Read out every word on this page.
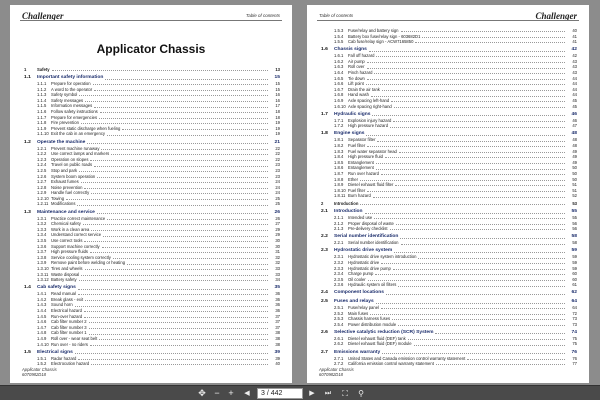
Challenger	Table of contents
Applicator Chassis
1	Safety	13
1.1	Important safety information	15
1.1.1	Prepare for operation	15
1.1.2	A word to the operator	15
1.1.3	Safety symbol	16
1.1.4	Safety messages	16
1.1.5	Information messages	17
1.1.6	Follow safety instructions	18
1.1.7	Prepare for emergencies	18
1.1.8	Fire prevention	19
1.1.9	Prevent static discharge when fueling	19
1.1.10 Exit the cab in an emergency	19
1.2	Operate the machine	21
1.2.1	Prevent machine runaway	22
1.2.2	Use correct lamps and markers	22
1.2.3	Operation on slopes	22
1.2.4	Travel on public roads	23
1.2.5	Stop and park	23
1.2.6	System boom operation	23
1.2.7	Exhaust fumes	24
1.2.8	Noise prevention	24
1.2.9	Handle fuel correctly	24
1.2.10 Towing	25
1.2.11 Modifications	25
1.3	Maintenance and service	26
1.3.1	Practice correct maintenance	26
1.3.2	Chemical safety	27
1.3.3	Work in a clean area	29
1.3.4	Understand correct service	29
1.3.5	Use correct tools	30
1.3.6	Support machine correctly	30
1.3.7	High pressure fluids	31
1.3.8	Service cooling system correctly	32
1.3.9	Remove paint before welding or heating	32
1.3.10 Tires and wheels	33
1.3.11 Waste disposal	33
1.3.12 Battery safety	34
1.4	Cab safety signs	35
1.4.1	Read manual	36
1.4.2	Break glass - exit	36
1.4.3	Sound horn	36
1.4.4	Electrical hazard	36
1.4.5	Run-over hazard	37
1.4.6	Cab filter number 2	37
1.4.7	Cab filter number 3	37
1.4.8	Cab filter number 1	38
1.4.9	Roll over - wear seat belt	38
1.4.10 Run over - no riders	38
1.5	Electrical signs	39
1.5.1	Radar hazard	39
1.5.2	Electrocution hazard	40
Applicator Chassis
6070982D18
Table of contents	Challenger
1.5.3	Fuse/relay and battery sign	40
1.5.4	Battery box fuse/relay sign - 603682D1	41
1.5.5	Cab fuse/relay sign - ACW7165850	41
1.6	Chassis signs	42
1.6.1	Fall off hazard	42
1.6.2	Air pump	43
1.6.3	Roll over	43
1.6.4	Pinch hazard	43
1.6.5	Tie down	44
1.6.6	Lift point	44
1.6.7	Drain the air tank	44
1.6.8	Hand wash	44
1.6.9	Axle spacing left-hand	45
1.6.10 Axle spacing right-hand	45
1.7	Hydraulic signs	46
1.7.1	Explosion injury hazard	46
1.7.2	High pressure hazard	47
1.8	Engine signs	48
1.8.1	Separator filter	48
1.8.2	Fuel filter	48
1.8.3	Fuel water separator head	49
1.8.4	High pressure fluid	49
1.8.5	Entanglement	49
1.8.6	Entanglement	50
1.8.7	Run over hazard	50
1.8.8	Ether	50
1.8.9	Diesel exhaust fluid filter	51
1.8.10 Fuel filter	51
1.8.11 Burn hazard	52
2	Introduction	53
2.1	Introduction	55
2.1.1	Intended use	55
2.1.2	Proper disposal of waste	56
2.1.3	Pre-delivery checklist	56
2.2	Serial number identification	58
2.2.1	Serial number identification	58
2.3	Hydrostatic drive system	59
2.3.1	Hydrostatic drive system introduction	59
2.3.2	Hydrostatic drive	59
2.3.3	Hydrostatic drive pump	59
2.3.4	Charge pump	60
2.3.5	Oil cooler	60
2.3.6	Hydraulic system oil filters	61
2.4	Component locations	62
2.5	Fuses and relays	64
2.5.1	Fuse/relay panel	64
2.5.2	Main fuses	72
2.5.3	Chassis harness fuses	73
2.5.4	Power distribution module	73
2.6	Selective catalytic reduction (SCR) System	74
2.6.1	Diesel exhaust fluid (DEF) tank	75
2.6.2	Diesel exhaust fluid (DEF) module	75
2.7	Emissions warranty	76
2.7.1	United States and Canada emission control warranty statement	76
2.7.2	California emission control warranty statement	77
Applicator Chassis
6070982D18
✥ − +	◀	3 / 442	▶	⏭	⛶	⚲
